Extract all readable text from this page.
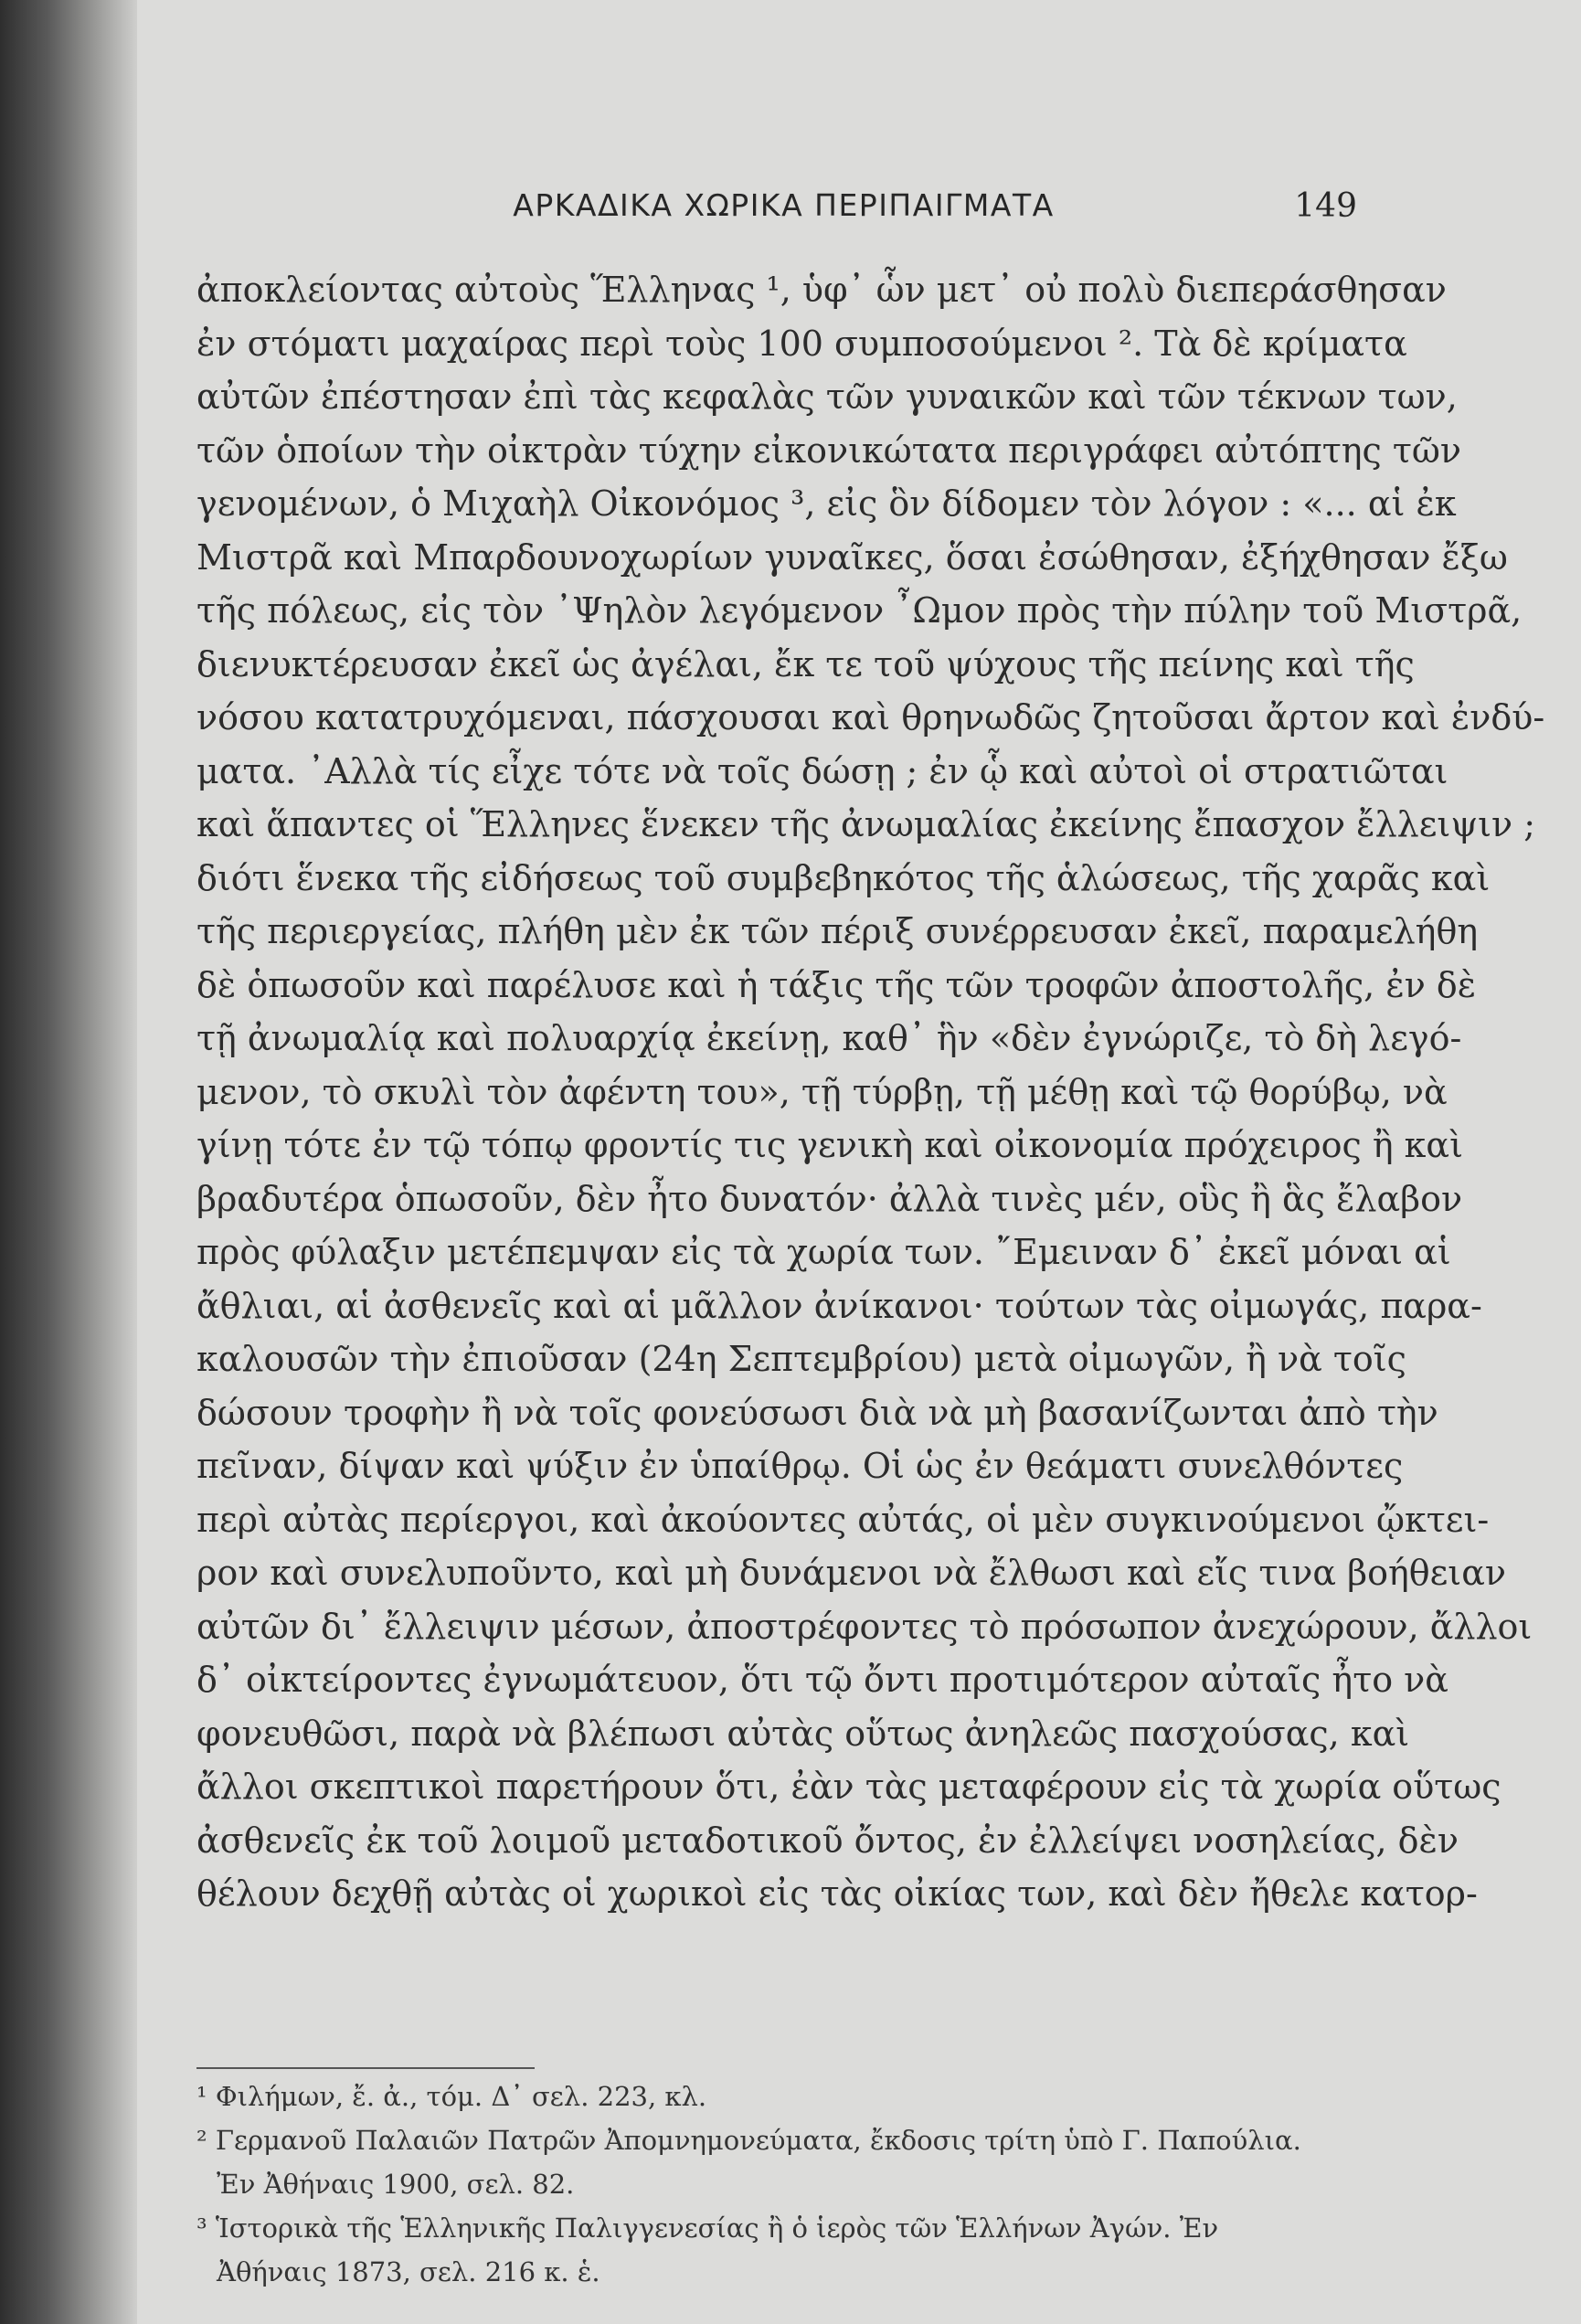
ΑΡΚΑΔΙΚΑ ΧΩΡΙΚΑ ΠΕΡΙΠΑΙΓΜΑΤΑ	149
ἀποκλείοντας αὐτοὺς Ἕλληνας ¹, ὑφ᾽ ὧν μετ᾽ οὐ πολὺ διεπεράσθησαν
ἐν στόματι μαχαίρας περὶ τοὺς 100 συμποσούμενοι ². Τὰ δὲ κρίματα
αὐτῶν ἐπέστησαν ἐπὶ τὰς κεφαλὰς τῶν γυναικῶν καὶ τῶν τέκνων των,
τῶν ὁποίων τὴν οἰκτρὰν τύχην εἰκονικώτατα περιγράφει αὐτόπτης τῶν
γενομένων, ὁ Μιχαὴλ Οἰκονόμος ³, εἰς ὃν δίδομεν τὸν λόγον : «... αἱ ἐκ
Μιστρᾶ καὶ Μπαρδουνοχωρίων γυναῖκες, ὅσαι ἐσώθησαν, ἐξήχθησαν ἔξω
τῆς πόλεως, εἰς τὸν ᾿Ψηλὸν λεγόμενον ῏Ωμον πρὸς τὴν πύλην τοῦ Μιστρᾶ,
διενυκτέρευσαν ἐκεῖ ὡς ἀγέλαι, ἔκ τε τοῦ ψύχους τῆς πείνης καὶ τῆς
νόσου κατατρυχόμεναι, πάσχουσαι καὶ θρηνωδῶς ζητοῦσαι ἄρτον καὶ ἐνδύ-
ματα. ᾿Αλλὰ τίς εἶχε τότε νὰ τοῖς δώσῃ ; ἐν ᾧ καὶ αὐτοὶ οἱ στρατιῶται
καὶ ἅπαντες οἱ Ἕλληνες ἕνεκεν τῆς ἀνωμαλίας ἐκείνης ἔπασχον ἔλλειψιν ;
διότι ἕνεκα τῆς εἰδήσεως τοῦ συμβεβηκότος τῆς ἁλώσεως, τῆς χαρᾶς καὶ
τῆς περιεργείας, πλήθη μὲν ἐκ τῶν πέριξ συνέρρευσαν ἐκεῖ, παραμελήθη
δὲ ὁπωσοῦν καὶ παρέλυσε καὶ ἡ τάξις τῆς τῶν τροφῶν ἀποστολῆς, ἐν δὲ
τῇ ἀνωμαλίᾳ καὶ πολυαρχίᾳ ἐκείνῃ, καθ᾽ ἣν «δὲν ἐγνώριζε, τὸ δὴ λεγό-
μενον, τὸ σκυλὶ τὸν ἀφέντη του», τῇ τύρβῃ, τῇ μέθῃ καὶ τῷ θορύβῳ, νὰ
γίνῃ τότε ἐν τῷ τόπῳ φροντίς τις γενικὴ καὶ οἰκονομία πρόχειρος ἢ καὶ
βραδυτέρα ὁπωσοῦν, δὲν ἦτο δυνατόν· ἀλλὰ τινὲς μέν, οὓς ἢ ἃς ἔλαβον
πρὸς φύλαξιν μετέπεμψαν εἰς τὰ χωρία των. ῎Εμειναν δ᾽ ἐκεῖ μόναι αἱ
ἄθλιαι, αἱ ἀσθενεῖς καὶ αἱ μᾶλλον ἀνίκανοι· τούτων τὰς οἰμωγάς, παρα-
καλουσῶν τὴν ἐπιοῦσαν (24η Σεπτεμβρίου) μετὰ οἰμωγῶν, ἢ νὰ τοῖς
δώσουν τροφὴν ἢ νὰ τοῖς φονεύσωσι διὰ νὰ μὴ βασανίζωνται ἀπὸ τὴν
πεῖναν, δίψαν καὶ ψύξιν ἐν ὑπαίθρῳ. Οἱ ὡς ἐν θεάματι συνελθόντες
περὶ αὐτὰς περίεργοι, καὶ ἀκούοντες αὐτάς, οἱ μὲν συγκινούμενοι ᾤκτει-
ρον καὶ συνελυποῦντο, καὶ μὴ δυνάμενοι νὰ ἔλθωσι καὶ εἴς τινα βοήθειαν
αὐτῶν δι᾽ ἔλλειψιν μέσων, ἀποστρέφοντες τὸ πρόσωπον ἀνεχώρουν, ἄλλοι
δ᾽ οἰκτείροντες ἐγνωμάτευον, ὅτι τῷ ὄντι προτιμότερον αὐταῖς ἦτο νὰ
φονευθῶσι, παρὰ νὰ βλέπωσι αὐτὰς οὕτως ἀνηλεῶς πασχούσας, καὶ
ἄλλοι σκεπτικοὶ παρετήρουν ὅτι, ἐὰν τὰς μεταφέρουν εἰς τὰ χωρία οὕτως
ἀσθενεῖς ἐκ τοῦ λοιμοῦ μεταδοτικοῦ ὄντος, ἐν ἐλλείψει νοσηλείας, δὲν
θέλουν δεχθῇ αὐτὰς οἱ χωρικοὶ εἰς τὰς οἰκίας των, καὶ δὲν ἤθελε κατορ-
¹ Φιλήμων, ἔ. ἀ., τόμ. Δ᾽ σελ. 223, κλ.
² Γερμανοῦ Παλαιῶν Πατρῶν Ἀπομνημονεύματα, ἔκδοσις τρίτη ὑπὸ Γ. Παπούλια.
Ἐν Ἀθήναις 1900, σελ. 82.
³ Ἱστορικὰ τῆς Ἑλληνικῆς Παλιγγενεσίας ἢ ὁ ἱερὸς τῶν Ἑλλήνων Ἀγών. Ἐν
Ἀθήναις 1873, σελ. 216 κ. ἑ.
